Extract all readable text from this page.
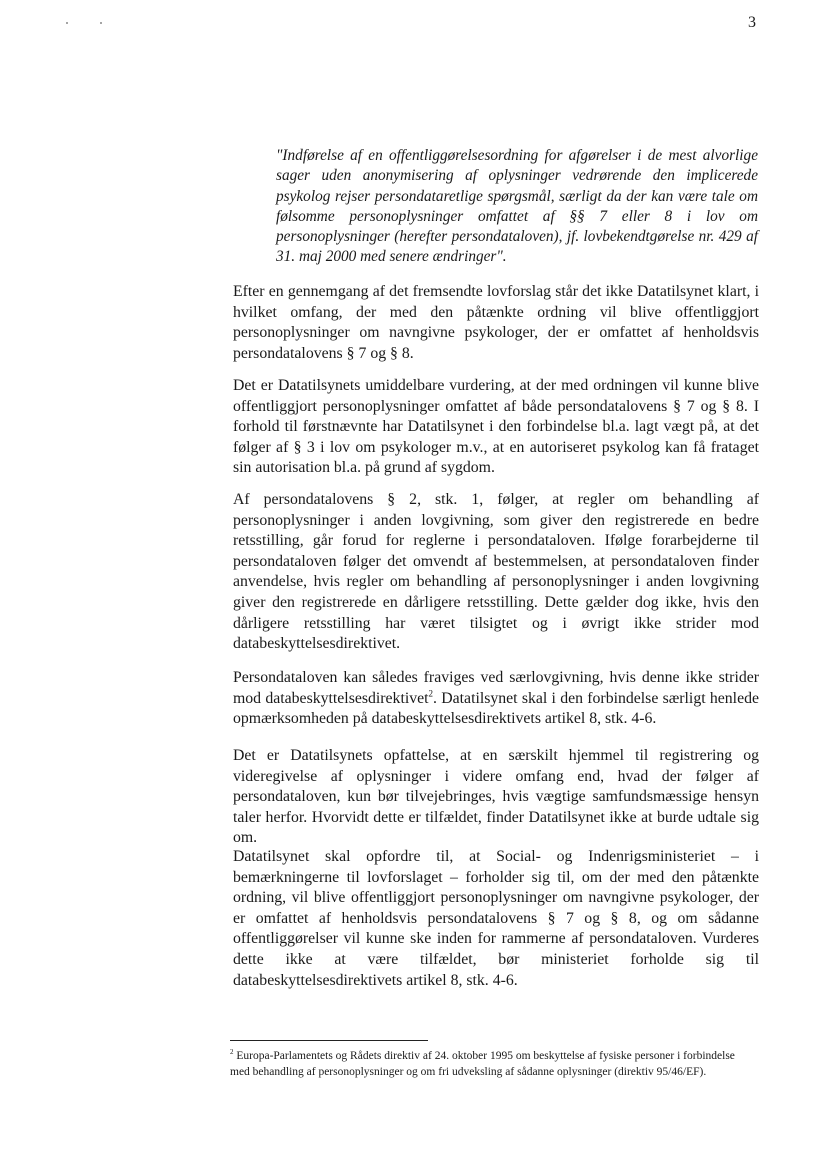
3
"Indførelse af en offentliggørelsesordning for afgørelser i de mest alvorlige sager uden anonymisering af oplysninger vedrørende den implicerede psykolog rejser persondataretlige spørgsmål, særligt da der kan være tale om følsomme personoplysninger omfattet af §§ 7 eller 8 i lov om personoplysninger (herefter persondataloven), jf. lovbekendtgørelse nr. 429 af 31. maj 2000 med senere ændringer".

Efter en gennemgang af det fremsendte lovforslag står det ikke Datatilsynet klart, i hvilket omfang, der med den påtænkte ordning vil blive offentliggjort personoplysninger om navngivne psykologer, der er omfattet af henholdsvis persondatalovens § 7 og § 8.

Det er Datatilsynets umiddelbare vurdering, at der med ordningen vil kunne blive offentliggjort personoplysninger omfattet af både persondatalovens § 7 og § 8. I forhold til førstnævnte har Datatilsynet i den forbindelse bl.a. lagt vægt på, at det følger af § 3 i lov om psykologer m.v., at en autoriseret psykolog kan få frataget sin autorisation bl.a. på grund af sygdom.

Af persondatalovens § 2, stk. 1, følger, at regler om behandling af personoplysninger i anden lovgivning, som giver den registrerede en bedre retsstilling, går forud for reglerne i persondataloven. Ifølge forarbejderne til persondataloven følger det omvendt af bestemmelsen, at persondataloven finder anvendelse, hvis regler om behandling af personoplysninger i anden lovgivning giver den registrerede en dårligere retsstilling. Dette gælder dog ikke, hvis den dårligere retsstilling har været tilsigtet og i øvrigt ikke strider mod databeskyttelsesdirektivet.

Persondataloven kan således fraviges ved særlovgivning, hvis denne ikke strider mod databeskyttelsesdirektivet$^2$. Datatilsynet skal i den forbindelse særligt henlede opmærksomheden på databeskyttelsesdirektivets artikel 8, stk. 4-6.

Det er Datatilsynets opfattelse, at en særskilt hjemmel til registrering og videregivelse af oplysninger i videre omfang end, hvad der følger af persondataloven, kun bør tilvejebringes, hvis vægtige samfundsmæssige hensyn taler herfor. Hvorvidt dette er tilfældet, finder Datatilsynet ikke at burde udtale sig om.

Datatilsynet skal opfordre til, at Social- og Indenrigsministeriet – i bemærkningerne til lovforslaget – forholder sig til, om der med den påtænkte ordning, vil blive offentliggjort personoplysninger om navngivne psykologer, der er omfattet af henholdsvis persondatalovens § 7 og § 8, og om sådanne offentliggørelser vil kunne ske inden for rammerne af persondataloven. Vurderes dette ikke at være tilfældet, bør ministeriet forholde sig til databeskyttelsesdirektivets artikel 8, stk. 4-6.

$^2$ Europa-Parlamentets og Rådets direktiv af 24. oktober 1995 om beskyttelse af fysiske personer i forbindelse med behandling af personoplysninger og om fri udveksling af sådanne oplysninger (direktiv 95/46/EF).
